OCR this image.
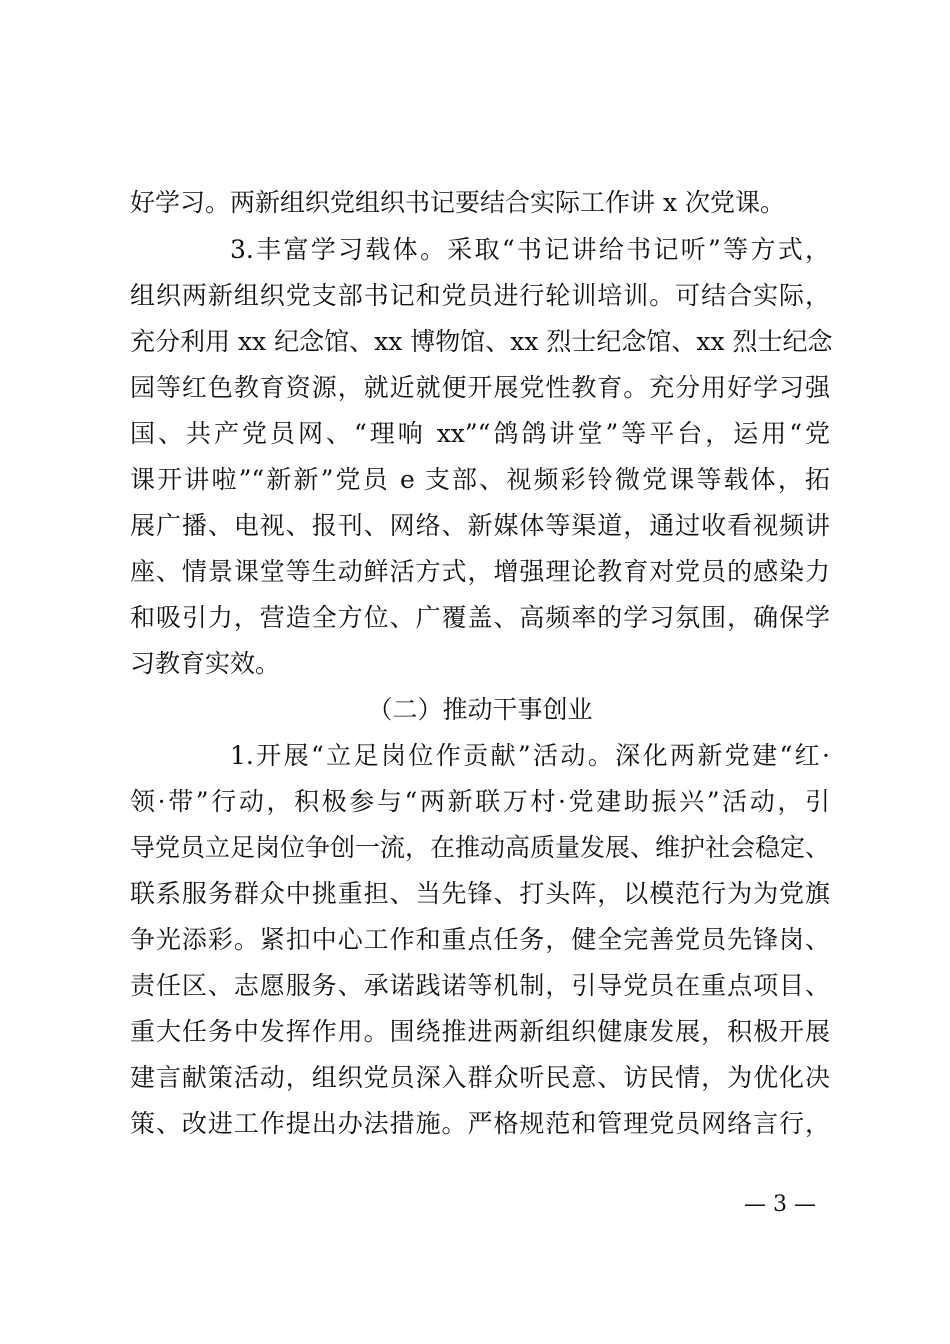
好学习。两新组织党组织书记要结合实际工作讲 x 次党课。
3.丰富学习载体。采取“书记讲给书记听”等方式，
组织两新组织党支部书记和党员进行轮训培训。可结合实际，
充分利用 xx 纪念馆、xx 博物馆、xx 烈士纪念馆、xx 烈士纪念
园等红色教育资源，就近就便开展党性教育。充分用好学习强
国、共产党员网、“理响 xx”“鸽鸽讲堂”等平台，运用“党
课开讲啦”“新新”党员 e 支部、视频彩铃微党课等载体，拓
展广播、电视、报刊、网络、新媒体等渠道，通过收看视频讲
座、情景课堂等生动鲜活方式，增强理论教育对党员的感染力
和吸引力，营造全方位、广覆盖、高频率的学习氛围，确保学
习教育实效。
（二）推动干事创业
1.开展“立足岗位作贡献”活动。深化两新党建“红·
领·带”行动，积极参与“两新联万村·党建助振兴”活动，引
导党员立足岗位争创一流，在推动高质量发展、维护社会稳定、
联系服务群众中挑重担、当先锋、打头阵，以模范行为为党旗
争光添彩。紧扣中心工作和重点任务，健全完善党员先锋岗、
责任区、志愿服务、承诺践诺等机制，引导党员在重点项目、
重大任务中发挥作用。围绕推进两新组织健康发展，积极开展
建言献策活动，组织党员深入群众听民意、访民情，为优化决
策、改进工作提出办法措施。严格规范和管理党员网络言行，
— 3 —
